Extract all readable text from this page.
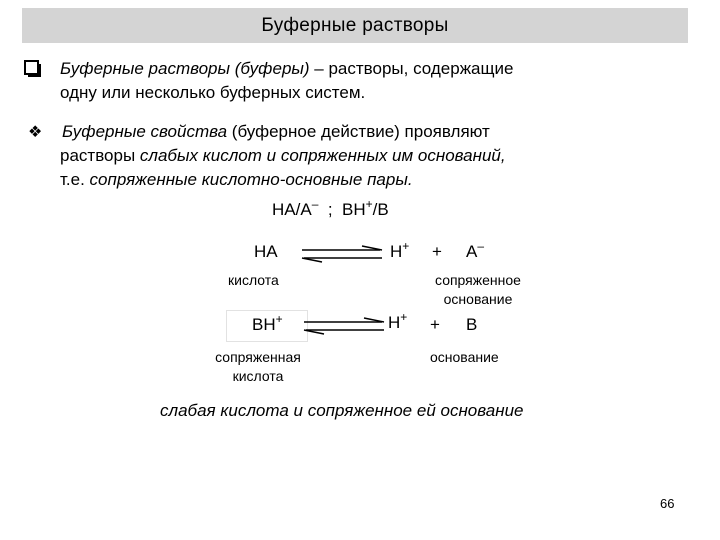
Буферные растворы
Буферные растворы (буферы) – растворы, содержащие
одну или несколько буферных систем.
❖ Буферные свойства (буферное действие) проявляют
растворы слабых кислот и сопряженных им оснований,
т.е. сопряженные кислотно-основные пары.
HA/A–  ;  BH+/B
HA	H+ + A–
кислота	сопряженное
основание
BH+	H+ + B
сопряженная
кислота
основание
слабая кислота и сопряженное ей основание
66
